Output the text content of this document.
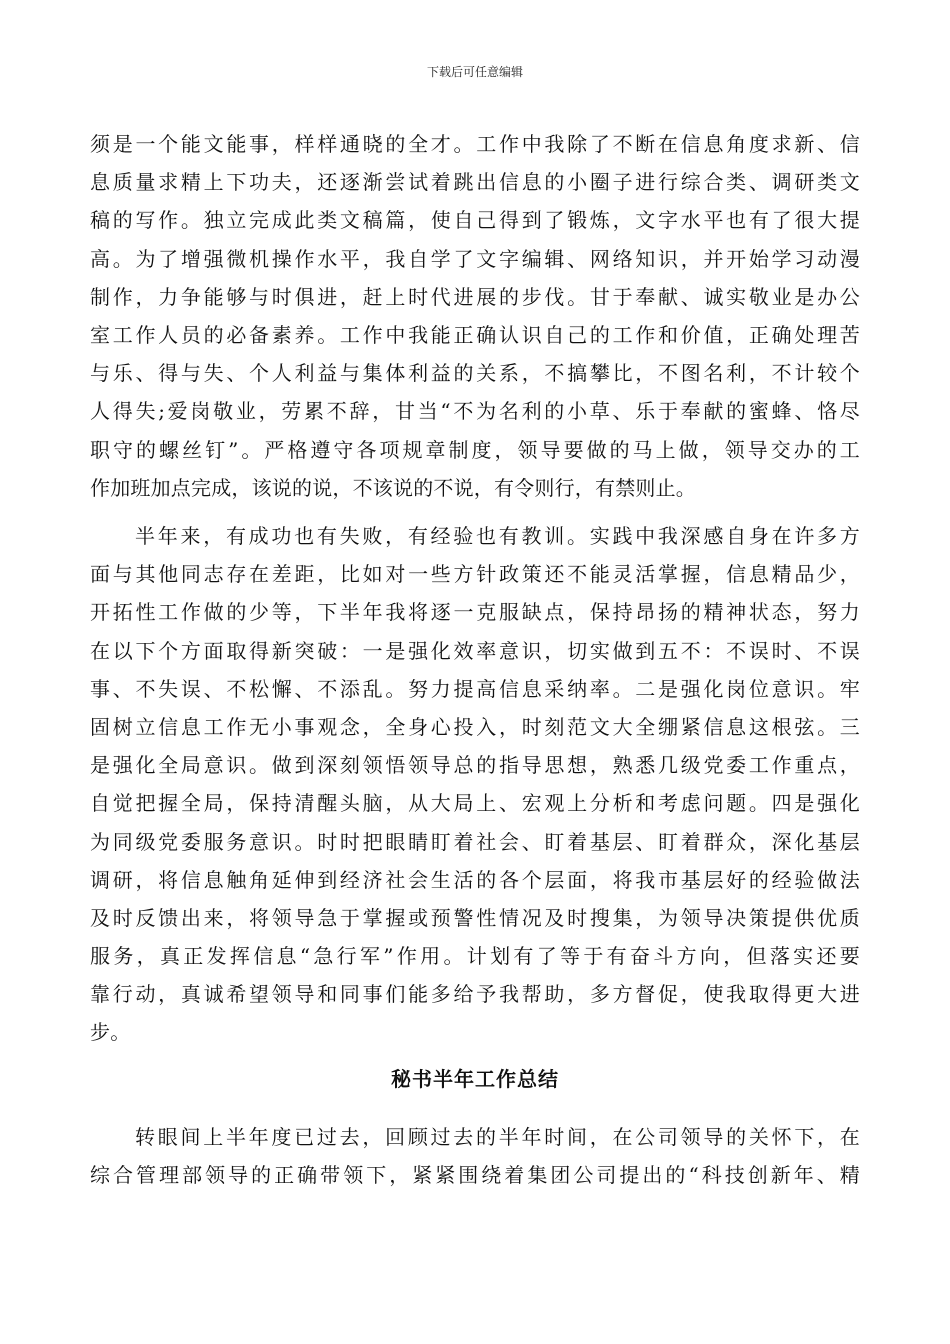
下载后可任意编辑
须是一个能文能事，样样通晓的全才。工作中我除了不断在信息角度求新、信
息质量求精上下功夫，还逐渐尝试着跳出信息的小圈子进行综合类、调研类文
稿的写作。独立完成此类文稿篇，使自己得到了锻炼，文字水平也有了很大提
高。为了增强微机操作水平，我自学了文字编辑、网络知识，并开始学习动漫
制作，力争能够与时俱进，赶上时代进展的步伐。甘于奉献、诚实敬业是办公
室工作人员的必备素养。工作中我能正确认识自己的工作和价值，正确处理苦
与乐、得与失、个人利益与集体利益的关系，不搞攀比，不图名利，不计较个
人得失;爱岗敬业，劳累不辞，甘当“不为名利的小草、乐于奉献的蜜蜂、恪尽
职守的螺丝钉”。严格遵守各项规章制度，领导要做的马上做，领导交办的工
作加班加点完成，该说的说，不该说的不说，有令则行，有禁则止。
半年来，有成功也有失败，有经验也有教训。实践中我深感自身在许多方
面与其他同志存在差距，比如对一些方针政策还不能灵活掌握，信息精品少，
开拓性工作做的少等，下半年我将逐一克服缺点，保持昂扬的精神状态，努力
在以下个方面取得新突破：一是强化效率意识，切实做到五不：不误时、不误
事、不失误、不松懈、不添乱。努力提高信息采纳率。二是强化岗位意识。牢
固树立信息工作无小事观念，全身心投入，时刻范文大全绷紧信息这根弦。三
是强化全局意识。做到深刻领悟领导总的指导思想，熟悉几级党委工作重点，
自觉把握全局，保持清醒头脑，从大局上、宏观上分析和考虑问题。四是强化
为同级党委服务意识。时时把眼睛盯着社会、盯着基层、盯着群众，深化基层
调研，将信息触角延伸到经济社会生活的各个层面，将我市基层好的经验做法
及时反馈出来，将领导急于掌握或预警性情况及时搜集，为领导决策提供优质
服务，真正发挥信息“急行军”作用。计划有了等于有奋斗方向，但落实还要
靠行动，真诚希望领导和同事们能多给予我帮助，多方督促，使我取得更大进
步。
秘书半年工作总结
转眼间上半年度已过去，回顾过去的半年时间，在公司领导的关怀下，在
综合管理部领导的正确带领下，紧紧围绕着集团公司提出的“科技创新年、精
